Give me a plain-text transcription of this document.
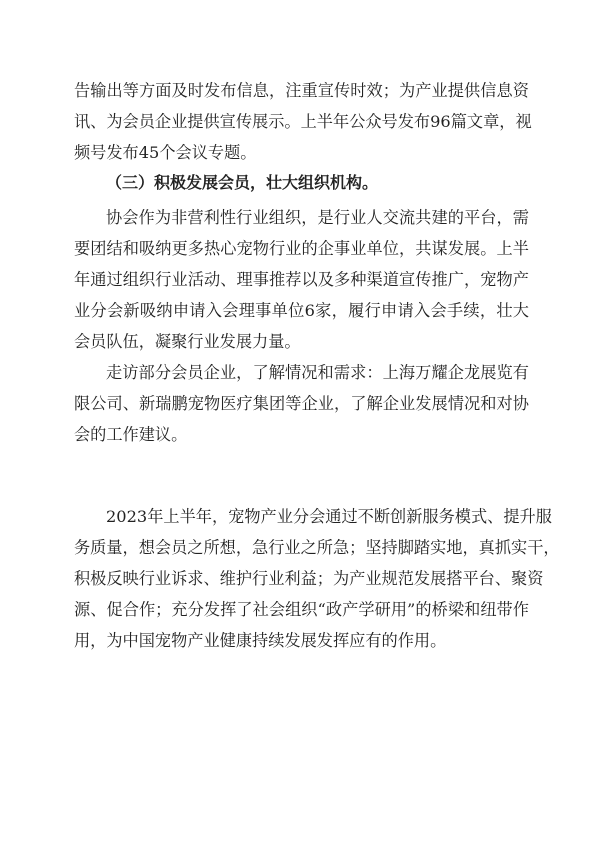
告输出等方面及时发布信息，注重宣传时效；为产业提供信息资
讯、为会员企业提供宣传展示。上半年公众号发布96篇文章，视
频号发布45个会议专题。
（三）积极发展会员，壮大组织机构。
协会作为非营利性行业组织，是行业人交流共建的平台，需
要团结和吸纳更多热心宠物行业的企事业单位，共谋发展。上半
年通过组织行业活动、理事推荐以及多种渠道宣传推广，宠物产
业分会新吸纳申请入会理事单位6家，履行申请入会手续，壮大
会员队伍，凝聚行业发展力量。
走访部分会员企业，了解情况和需求：上海万耀企龙展览有
限公司、新瑞鹏宠物医疗集团等企业，了解企业发展情况和对协
会的工作建议。
2023年上半年，宠物产业分会通过不断创新服务模式、提升服
务质量，想会员之所想，急行业之所急；坚持脚踏实地，真抓实干，
积极反映行业诉求、维护行业利益；为产业规范发展搭平台、聚资
源、促合作；充分发挥了社会组织“政产学研用”的桥梁和纽带作
用，为中国宠物产业健康持续发展发挥应有的作用。
